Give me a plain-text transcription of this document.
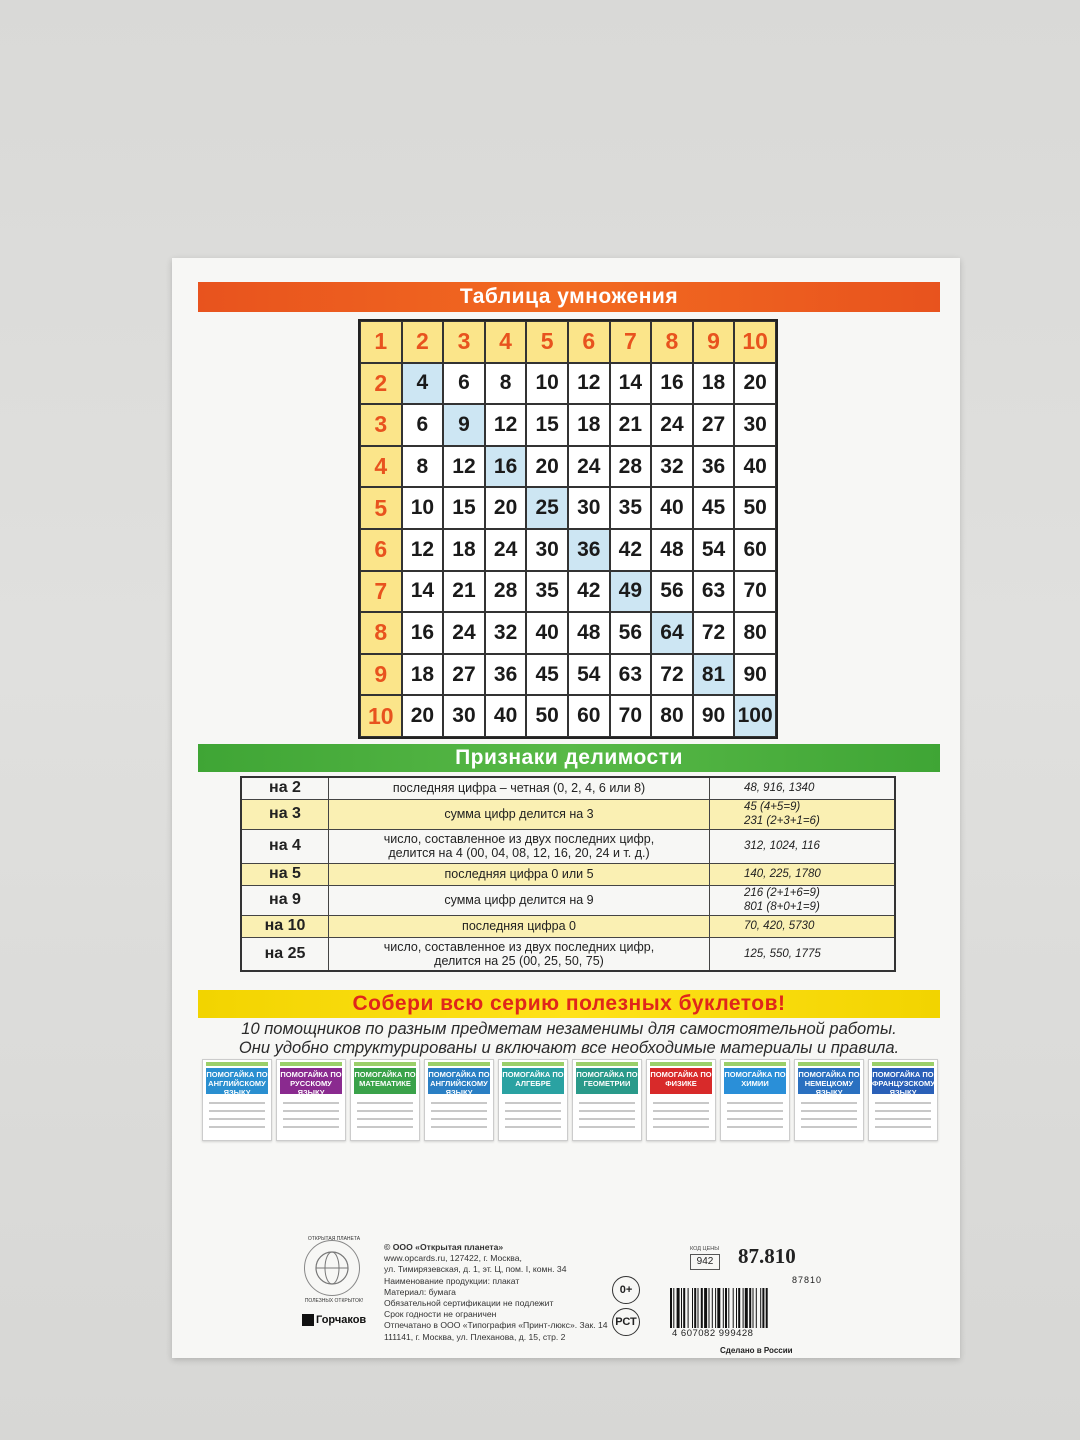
Таблица умножения
1	2	3	4	5	6	7	8	9 10
2	4	6	8	10 12 14 16 18 20
3	6	9	12 15 18 21 24 27 30
4	8	12 16 20 24 28 32 36 40
5	10 15 20 25 30 35 40 45 50
6	12 18 24 30 36 42 48 54 60
7	14 21 28 35 42 49 56 63 70
8	16 24 32 40 48 56 64 72 80
9	18 27 36 45 54 63 72 81 90
10 20 30 40 50 60 70 80 90 100
Признаки делимости
на 2	последняя цифра – четная (0, 2, 4, 6 или 8)	48, 916, 1340
на 3	сумма цифр делится на 3	45 (4+5=9)
231 (2+3+1=6)
на 4	число, составленное из двух последних цифр,
делится на 4 (00, 04, 08, 12, 16, 20, 24 и т. д.)	312, 1024, 116
на 5	последняя цифра 0 или 5	140, 225, 1780
на 9	сумма цифр делится на 9	216 (2+1+6=9)
801 (8+0+1=9)
на 10	последняя цифра 0	70, 420, 5730
на 25	число, составленное из двух последних цифр,
делится на 25 (00, 25, 50, 75)	125, 550, 1775
Собери всю серию полезных буклетов!
10 помощников по разным предметам незаменимы для самостоятельной работы.
Они удобно структурированы и включают все необходимые материалы и правила.
ПОМОГАЙКА ПО АНГЛИЙСКОМУ ЯЗЫКУ
ПОМОГАЙКА ПО РУССКОМУ ЯЗЫКУ
ПОМОГАЙКА ПО МАТЕМАТИКЕ
ПОМОГАЙКА ПО АНГЛИЙСКОМУ ЯЗЫКУ
ПОМОГАЙКА ПО АЛГЕБРЕ
ПОМОГАЙКА ПО ГЕОМЕТРИИ
ПОМОГАЙКА ПО ФИЗИКЕ
ПОМОГАЙКА ПО ХИМИИ
ПОМОГАЙКА ПО НЕМЕЦКОМУ ЯЗЫКУ
ПОМОГАЙКА ПО ФРАНЦУЗСКОМУ ЯЗЫКУ
ОТКРЫТАЯ ПЛАНЕТА
ПОЛЕЗНЫХ ОТКРЫТОК!
Горчаков
© ООО «Открытая планета»
www.opcards.ru, 127422, г. Москва,
ул. Тимирязевская, д. 1, эт. Ц, пом. I, комн. 34
Наименование продукции: плакат
Материал: бумага
Обязательной сертификации не подлежит
Срок годности не ограничен
Отпечатано в ООО «Типография «Принт-люкс». Зак. 14
111141, г. Москва, ул. Плеханова, д. 15, стр. 2
0+
РСТ
КОД ЦЕНЫ
942	87.810
87810
4 607082 999428
Сделано в России
